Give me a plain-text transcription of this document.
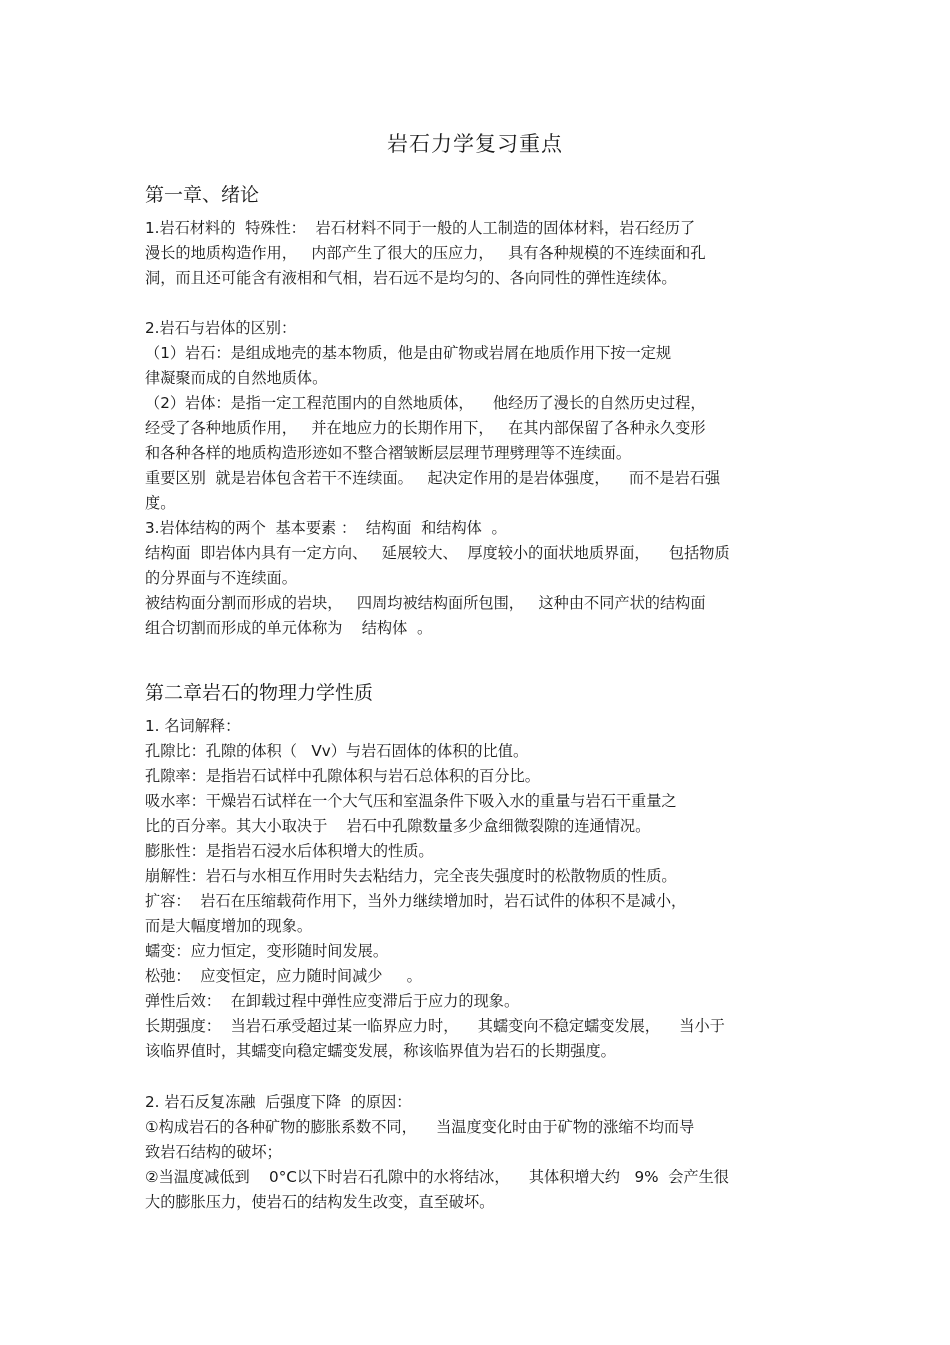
岩石力学复习重点
第一章、绪论
1.岩石材料的  特殊性：  岩石材料不同于一般的人工制造的固体材料，岩石经历了
漫长的地质构造作用，   内部产生了很大的压应力，   具有各种规模的不连续面和孔
洞，而且还可能含有液相和气相，岩石远不是均匀的、各向同性的弹性连续体。
2.岩石与岩体的区别：
（1）岩石：是组成地壳的基本物质，他是由矿物或岩屑在地质作用下按一定规
律凝聚而成的自然地质体。
（2）岩体：是指一定工程范围内的自然地质体，    他经历了漫长的自然历史过程，
经受了各种地质作用，   并在地应力的长期作用下，   在其内部保留了各种永久变形
和各种各样的地质构造形迹如不整合褶皱断层层理节理劈理等不连续面。
重要区别  就是岩体包含若干不连续面。   起决定作用的是岩体强度，    而不是岩石强
度。
3.岩体结构的两个  基本要素 ：  结构面  和结构体  。
结构面  即岩体内具有一定方向、   延展较大、  厚度较小的面状地质界面，    包括物质
的分界面与不连续面。
被结构面分割而形成的岩块，   四周均被结构面所包围，   这种由不同产状的结构面
组合切割而形成的单元体称为    结构体  。
第二章岩石的物理力学性质
1. 名词解释：
孔隙比：孔隙的体积（   Vv）与岩石固体的体积的比值。
孔隙率：是指岩石试样中孔隙体积与岩石总体积的百分比。
吸水率：干燥岩石试样在一个大气压和室温条件下吸入水的重量与岩石干重量之
比的百分率。其大小取决于    岩石中孔隙数量多少盒细微裂隙的连通情况。
膨胀性：是指岩石浸水后体积增大的性质。
崩解性：岩石与水相互作用时失去粘结力，完全丧失强度时的松散物质的性质。
扩容：  岩石在压缩载荷作用下，当外力继续增加时，岩石试件的体积不是减小，
而是大幅度增加的现象。
蠕变：应力恒定，变形随时间发展。
松弛：  应变恒定，应力随时间减少     。
弹性后效：  在卸载过程中弹性应变滞后于应力的现象。
长期强度：  当岩石承受超过某一临界应力时，    其蠕变向不稳定蠕变发展，    当小于
该临界值时，其蠕变向稳定蠕变发展，称该临界值为岩石的长期强度。
2. 岩石反复冻融  后强度下降  的原因：
①构成岩石的各种矿物的膨胀系数不同，    当温度变化时由于矿物的涨缩不均而导
致岩石结构的破坏；
②当温度减低到    0°C以下时岩石孔隙中的水将结冰，    其体积增大约   9%  会产生很
大的膨胀压力，使岩石的结构发生改变，直至破坏。
